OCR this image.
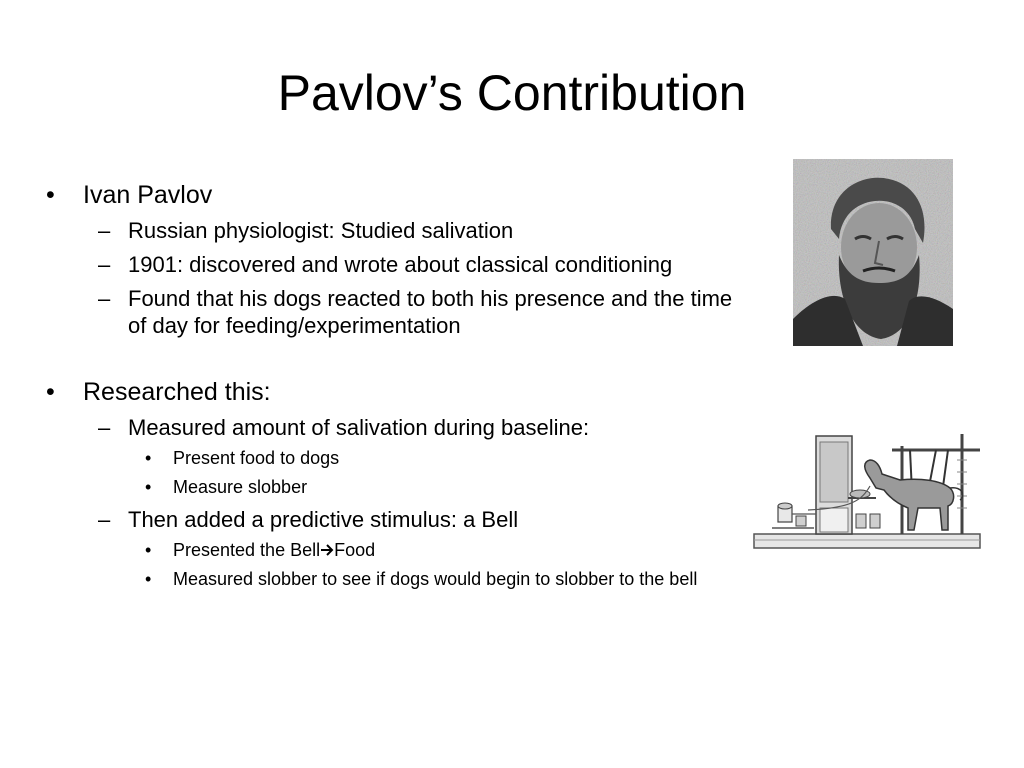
Pavlov’s Contribution
• Ivan Pavlov
– Russian physiologist: Studied salivation
– 1901: discovered and wrote about classical conditioning
– Found that his dogs reacted to both his presence and the time of day for feeding/experimentation
• Researched this:
– Measured amount of salivation during baseline:
• Present food to dogs
• Measure slobber
– Then added a predictive stimulus: a Bell
• Presented the Bell Food
• Measured slobber to see if dogs would begin to slobber to the bell
